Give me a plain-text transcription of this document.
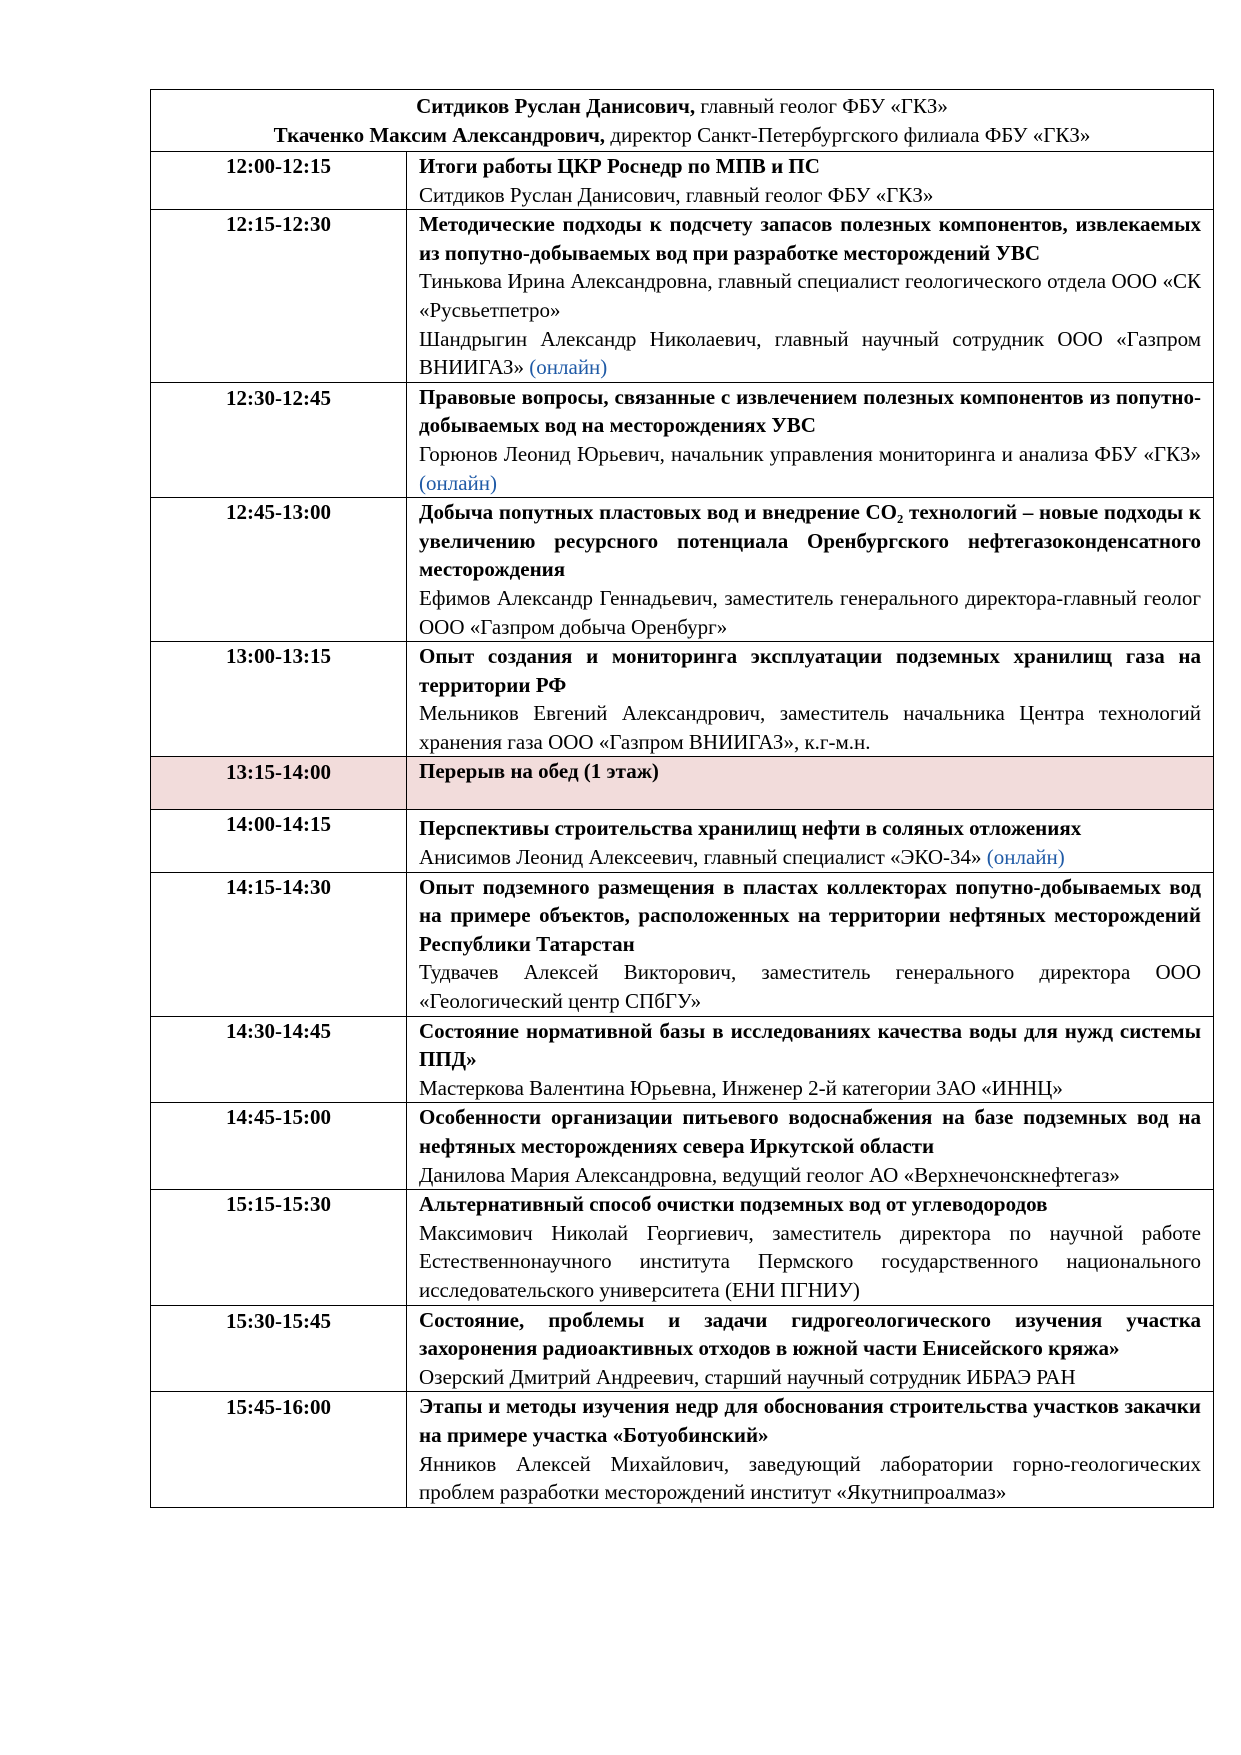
Ситдиков Руслан Данисович, главный геолог ФБУ «ГКЗ»
Ткаченко Максим Александрович, директор Санкт-Петербургского филиала ФБУ «ГКЗ»
12:00-12:15	Итоги работы ЦКР Роснедр по МПВ и ПС
Ситдиков Руслан Данисович, главный геолог ФБУ «ГКЗ»

12:15-12:30	Методические подходы к подсчету запасов полезных компонентов, извлекаемых из попутно-добываемых вод при разработке месторождений УВС
Тинькова Ирина Александровна, главный специалист геологического отдела ООО «СК «Русвьетпетро»
Шандрыгин Александр Николаевич, главный научный сотрудник ООО «Газпром ВНИИГАЗ» (онлайн)

12:30-12:45	Правовые вопросы, связанные с извлечением полезных компонентов из попутно-добываемых вод на месторождениях УВС
Горюнов Леонид Юрьевич, начальник управления мониторинга и анализа ФБУ «ГКЗ» (онлайн)

12:45-13:00	Добыча попутных пластовых вод и внедрение СО₂ технологий – новые подходы к увеличению ресурсного потенциала Оренбургского нефтегазоконденсатного месторождения
Ефимов Александр Геннадьевич, заместитель генерального директора-главный геолог ООО «Газпром добыча Оренбург»

13:00-13:15	Опыт создания и мониторинга эксплуатации подземных хранилищ газа на территории РФ
Мельников Евгений Александрович, заместитель начальника Центра технологий хранения газа ООО «Газпром ВНИИГАЗ», к.г-м.н.

13:15-14:00	Перерыв на обед (1 этаж)

14:00-14:15	Перспективы строительства хранилищ нефти в соляных отложениях
Анисимов Леонид Алексеевич, главный специалист «ЭКО-34» (онлайн)

14:15-14:30	Опыт подземного размещения в пластах коллекторах попутно-добываемых вод на примере объектов, расположенных на территории нефтяных месторождений Республики Татарстан
Тудвачев Алексей Викторович, заместитель генерального директора ООО «Геологический центр СПбГУ»

14:30-14:45	Состояние нормативной базы в исследованиях качества воды для нужд системы ППД»
Мастеркова Валентина Юрьевна, Инженер 2-й категории ЗАО «ИННЦ»

14:45-15:00	Особенности организации питьевого водоснабжения на базе подземных вод на нефтяных месторождениях севера Иркутской области
Данилова Мария Александровна, ведущий геолог АО «Верхнечонскнефтегаз»

15:15-15:30	Альтернативный способ очистки подземных вод от углеводородов
Максимович Николай Георгиевич, заместитель директора по научной работе Естественнонаучного института Пермского государственного национального исследовательского университета (ЕНИ ПГНИУ)

15:30-15:45	Состояние, проблемы и задачи гидрогеологического изучения участка захоронения радиоактивных отходов в южной части Енисейского кряжа»
Озерский Дмитрий Андреевич, старший научный сотрудник ИБРАЭ РАН

15:45-16:00	Этапы и методы изучения недр для обоснования строительства участков закачки на примере участка «Ботуобинский»
Янников Алексей Михайлович, заведующий лаборатории горно-геологических проблем разработки месторождений институт «Якутнипроалмаз»
